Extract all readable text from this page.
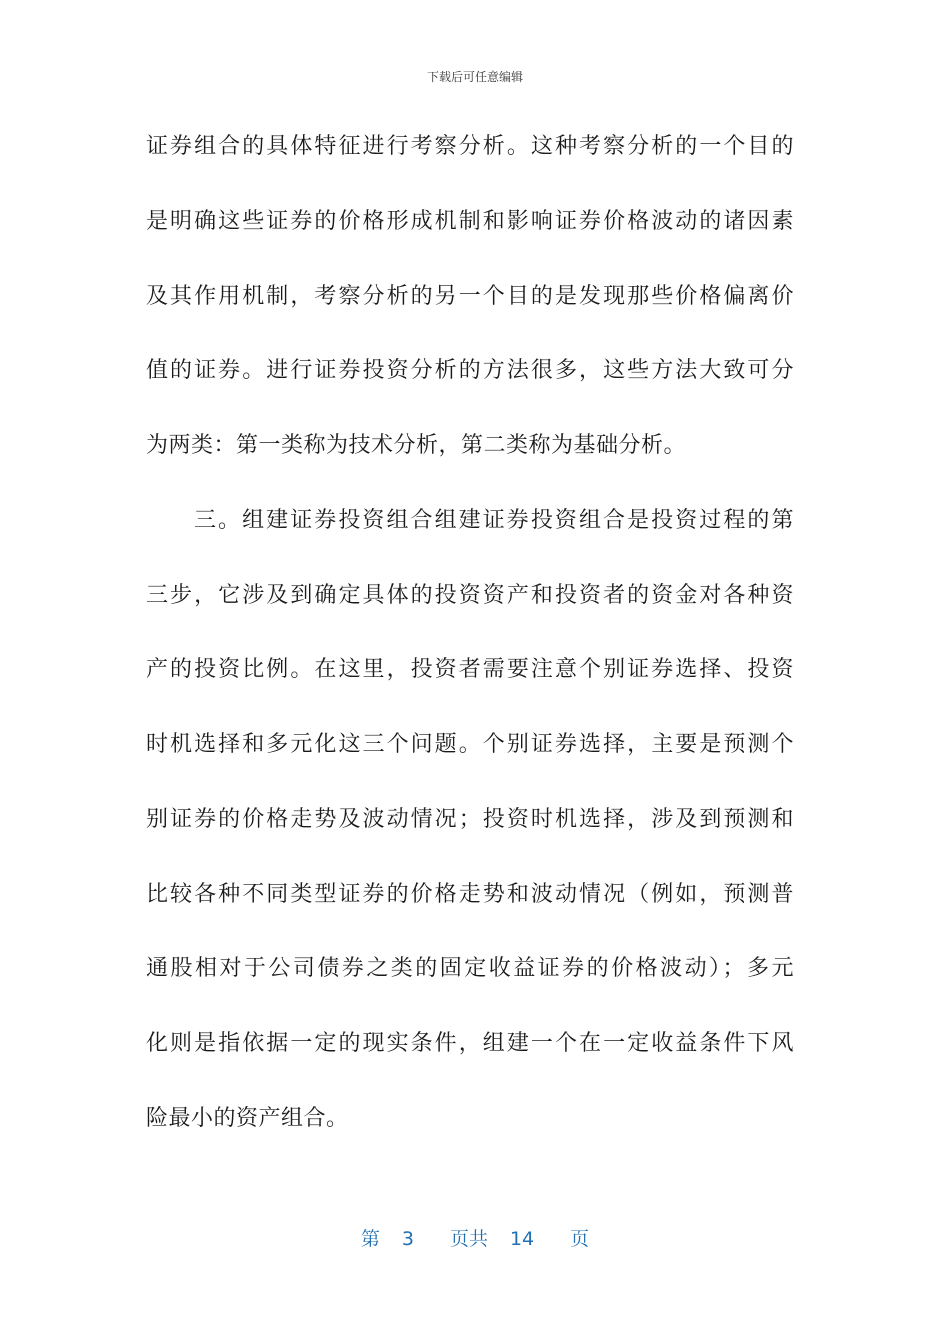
下载后可任意编辑
证券组合的具体特征进行考察分析。这种考察分析的一个目的
是明确这些证券的价格形成机制和影响证券价格波动的诸因素
及其作用机制，考察分析的另一个目的是发现那些价格偏离价
值的证券。进行证券投资分析的方法很多，这些方法大致可分
为两类：第一类称为技术分析，第二类称为基础分析。
三。组建证券投资组合组建证券投资组合是投资过程的第
三步，它涉及到确定具体的投资资产和投资者的资金对各种资
产的投资比例。在这里，投资者需要注意个别证券选择、投资
时机选择和多元化这三个问题。个别证券选择，主要是预测个
别证券的价格走势及波动情况；投资时机选择，涉及到预测和
比较各种不同类型证券的价格走势和波动情况（例如，预测普
通股相对于公司债券之类的固定收益证券的价格波动）；多元
化则是指依据一定的现实条件，组建一个在一定收益条件下风
险最小的资产组合。
第 3 页共 14 页
